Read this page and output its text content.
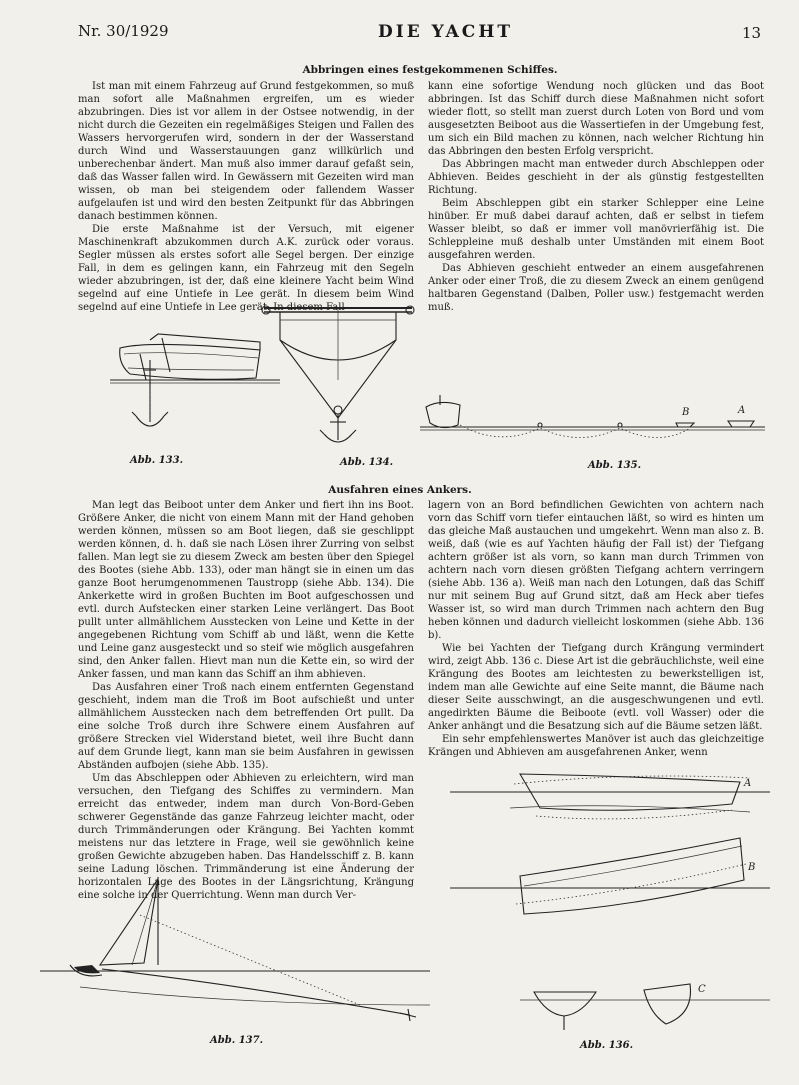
Nr. 30/1929	DIE YACHT	13
Abbringen eines festgekommenen Schiffes.

Ist man mit einem Fahrzeug auf Grund festgekommen, so muß man sofort alle Maßnahmen ergreifen, um es wieder abzubringen. Dies ist vor allem in der Ostsee notwendig, in der nicht durch die Gezeiten ein regelmäßiges Steigen und Fallen des Wassers hervorgerufen wird, sondern in der der Wasserstand durch Wind und Wasserstauungen ganz willkürlich und unberechenbar ändert. Man muß also immer darauf gefaßt sein, daß das Wasser fallen wird. In Gewässern mit Gezeiten wird man wissen, ob man bei steigendem oder fallendem Wasser aufgelaufen ist und wird den besten Zeitpunkt für das Abbringen danach bestimmen können.

Die erste Maßnahme ist der Versuch, mit eigener Maschinenkraft abzukommen durch A.K. zurück oder voraus. Segler müssen als erstes sofort alle Segel bergen. Der einzige Fall, in dem es gelingen kann, ein Fahrzeug mit den Segeln wieder abzubringen, ist der, daß eine kleinere Yacht beim Wind segelnd auf eine Untiefe in Lee gerät. In diesem beim Wind segelnd auf eine Untiefe in Lee gerät. In diesem Fall

kann eine sofortige Wendung noch glücken und das Boot abbringen. Ist das Schiff durch diese Maßnahmen nicht sofort wieder flott, so stellt man zuerst durch Loten von Bord und vom ausgesetzten Beiboot aus die Wassertiefen in der Umgebung fest, um sich ein Bild machen zu können, nach welcher Richtung hin das Abbringen den besten Erfolg verspricht.

Das Abbringen macht man entweder durch Abschleppen oder Abhieven. Beides geschieht in der als günstig festgestellten Richtung.

Beim Abschleppen gibt ein starker Schlepper eine Leine hinüber. Er muß dabei darauf achten, daß er selbst in tiefem Wasser bleibt, so daß er immer voll manövrierfähig ist. Die Schleppleine muß deshalb unter Umständen mit einem Boot ausgefahren werden.

Das Abhieven geschieht entweder an einem ausgefahrenen Anker oder einer Troß, die zu diesem Zweck an einem genügend haltbaren Gegenstand (Dalben, Poller usw.) festgemacht werden muß.

Abb. 133.	Abb. 134.
B	A
Abb. 135.
Ausfahren eines Ankers.

Man legt das Beiboot unter dem Anker und fiert ihn ins Boot. Größere Anker, die nicht von einem Mann mit der Hand gehoben werden können, müssen so am Boot liegen, daß sie geschlippt werden können, d. h. daß sie nach Lösen ihrer Zurring von selbst fallen. Man legt sie zu diesem Zweck am besten über den Spiegel des Bootes (siehe Abb. 133), oder man hängt sie in einen um das ganze Boot herumgenommenen Taustropp (siehe Abb. 134). Die Ankerkette wird in großen Buchten im Boot aufgeschossen und evtl. durch Aufstecken einer starken Leine verlängert. Das Boot pullt unter allmählichem Ausstecken von Leine und Kette in der angegebenen Richtung vom Schiff ab und läßt, wenn die Kette und Leine ganz ausgesteckt und so steif wie möglich ausgefahren sind, den Anker fallen. Hievt man nun die Kette ein, so wird der Anker fassen, und man kann das Schiff an ihm abhieven.

Das Ausfahren einer Troß nach einem entfernten Gegenstand geschieht, indem man die Troß im Boot aufschießt und unter allmählichem Ausstecken nach dem betreffenden Ort pullt. Da eine solche Troß durch ihre Schwere einem Ausfahren auf größere Strecken viel Widerstand bietet, weil ihre Bucht dann auf dem Grunde liegt, kann man sie beim Ausfahren in gewissen Abständen aufbojen (siehe Abb. 135).

Um das Abschleppen oder Abhieven zu erleichtern, wird man versuchen, den Tiefgang des Schiffes zu vermindern. Man erreicht das entweder, indem man durch Von-Bord-Geben schwerer Gegenstände das ganze Fahrzeug leichter macht, oder durch Trimmänderungen oder Krängung. Bei Yachten kommt meistens nur das letztere in Frage, weil sie gewöhnlich keine großen Gewichte abzugeben haben. Das Handelsschiff z. B. kann seine Ladung löschen. Trimmänderung ist eine Änderung der horizontalen Lage des Bootes in der Längsrichtung, Krängung eine solche in der Querrichtung. Wenn man durch Ver-

lagern von an Bord befindlichen Gewichten von achtern nach vorn das Schiff vorn tiefer eintauchen läßt, so wird es hinten um das gleiche Maß austauchen und umgekehrt. Wenn man also z. B. weiß, daß (wie es auf Yachten häufig der Fall ist) der Tiefgang achtern größer ist als vorn, so kann man durch Trimmen von achtern nach vorn diesen größten Tiefgang achtern verringern (siehe Abb. 136 a). Weiß man nach den Lotungen, daß das Schiff nur mit seinem Bug auf Grund sitzt, daß am Heck aber tiefes Wasser ist, so wird man durch Trimmen nach achtern den Bug heben können und dadurch vielleicht loskommen (siehe Abb. 136 b).

Wie bei Yachten der Tiefgang durch Krängung vermindert wird, zeigt Abb. 136 c. Diese Art ist die gebräuchlichste, weil eine Krängung des Bootes am leichtesten zu bewerkstelligen ist, indem man alle Gewichte auf eine Seite mannt, die Bäume nach dieser Seite ausschwingt, an die ausgeschwungenen und evtl. angedirkten Bäume die Beiboote (evtl. voll Wasser) oder die Anker anhängt und die Besatzung sich auf die Bäume setzen läßt.

Ein sehr empfehlenswertes Manöver ist auch das gleichzeitige Krängen und Abhieven am ausgefahrenen Anker, wenn

Abb. 137.
A
B
C
Abb. 136.
